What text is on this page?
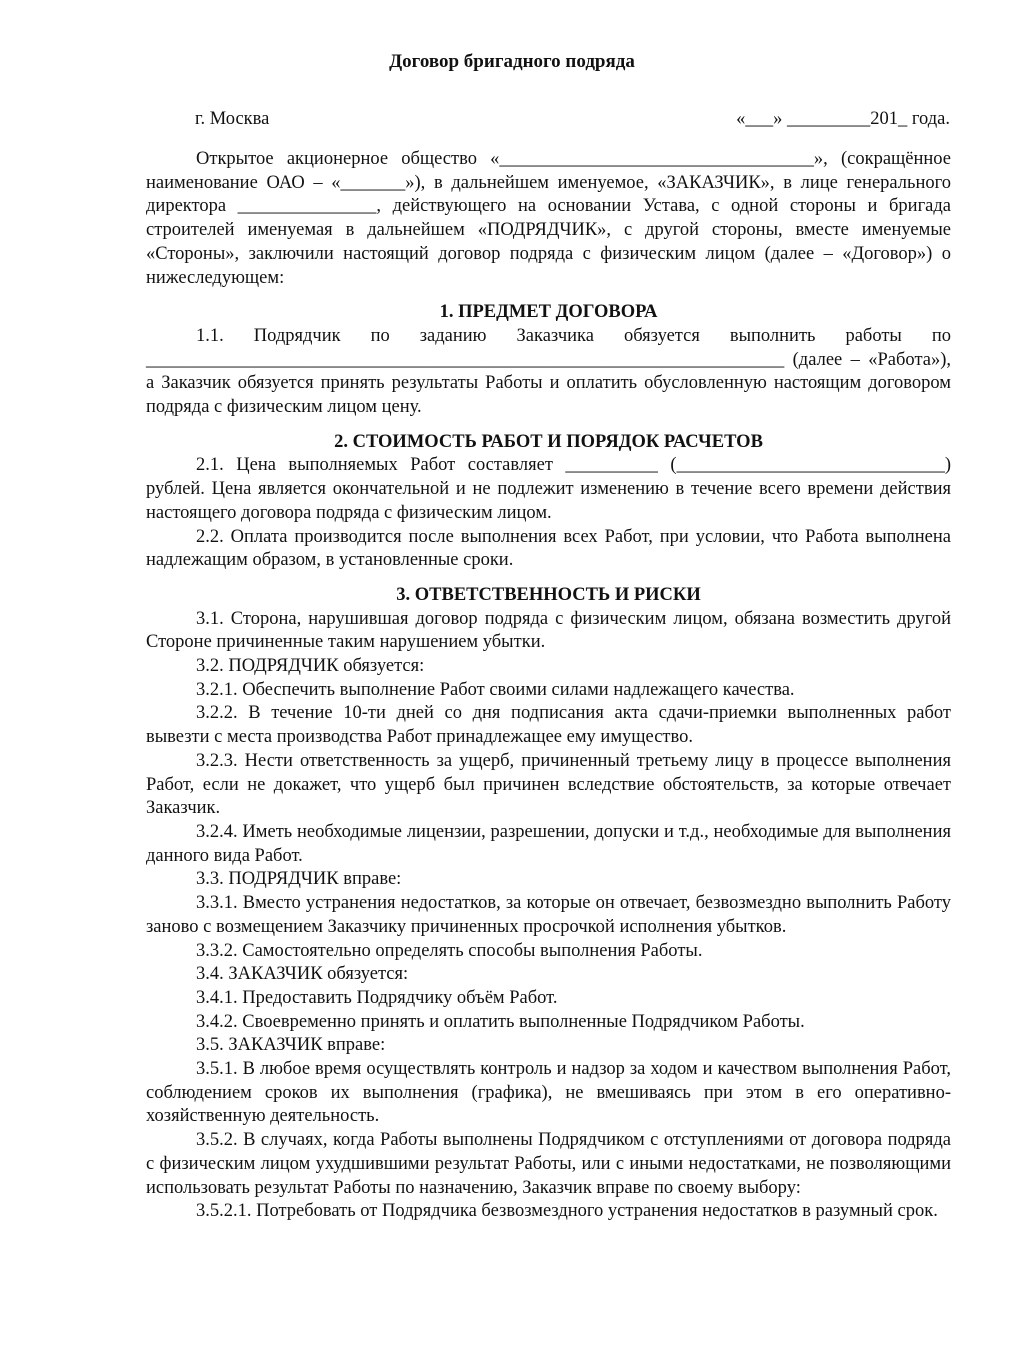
Договор бригадного подряда
г. Москва	«___» _________201_ года.

Открытое акционерное общество «__________________________________», (сокращённое наименование ОАО – «_______»), в дальнейшем именуемое, «ЗАКАЗЧИК», в лице генерального директора _______________, действующего на основании Устава, с одной стороны и бригада строителей именуемая в дальнейшем «ПОДРЯДЧИК», с другой стороны, вместе именуемые «Стороны», заключили настоящий договор подряда с физическим лицом (далее – «Договор») о нижеследующем:

1. ПРЕДМЕТ ДОГОВОРА

1.1. Подрядчик по заданию Заказчика обязуется выполнить работы по _____________________________________________________________________ (далее – «Работа»), а Заказчик обязуется принять результаты Работы и оплатить обусловленную настоящим договором подряда с физическим лицом цену.

2. СТОИМОСТЬ РАБОТ И ПОРЯДОК РАСЧЕТОВ

2.1. Цена выполняемых Работ составляет __________ (_____________________________) рублей. Цена является окончательной и не подлежит изменению в течение всего времени действия настоящего договора подряда с физическим лицом.

2.2. Оплата производится после выполнения всех Работ, при условии, что Работа выполнена надлежащим образом, в установленные сроки.

3. ОТВЕТСТВЕННОСТЬ И РИСКИ

3.1. Сторона, нарушившая договор подряда с физическим лицом, обязана возместить другой Стороне причиненные таким нарушением убытки.

3.2. ПОДРЯДЧИК обязуется:

3.2.1. Обеспечить выполнение Работ своими силами надлежащего качества.

3.2.2. В течение 10-ти дней со дня подписания акта сдачи-приемки выполненных работ вывезти с места производства Работ принадлежащее ему имущество.

3.2.3. Нести ответственность за ущерб, причиненный третьему лицу в процессе выполнения Работ, если не докажет, что ущерб был причинен вследствие обстоятельств, за которые отвечает Заказчик.

3.2.4. Иметь необходимые лицензии, разрешении, допуски и т.д., необходимые для выполнения данного вида Работ.

3.3. ПОДРЯДЧИК вправе:

3.3.1. Вместо устранения недостатков, за которые он отвечает, безвозмездно выполнить Работу заново с возмещением Заказчику причиненных просрочкой исполнения убытков.

3.3.2. Самостоятельно определять способы выполнения Работы.

3.4. ЗАКАЗЧИК обязуется:

3.4.1. Предоставить Подрядчику объём Работ.

3.4.2. Своевременно принять и оплатить выполненные Подрядчиком Работы.

3.5. ЗАКАЗЧИК вправе:

3.5.1. В любое время осуществлять контроль и надзор за ходом и качеством выполнения Работ, соблюдением сроков их выполнения (графика), не вмешиваясь при этом в его оперативно-хозяйственную деятельность.

3.5.2. В случаях, когда Работы выполнены Подрядчиком с отступлениями от договора подряда с физическим лицом ухудшившими результат Работы, или с иными недостатками, не позволяющими использовать результат Работы по назначению, Заказчик вправе по своему выбору:

3.5.2.1. Потребовать от Подрядчика безвозмездного устранения недостатков в разумный срок.
